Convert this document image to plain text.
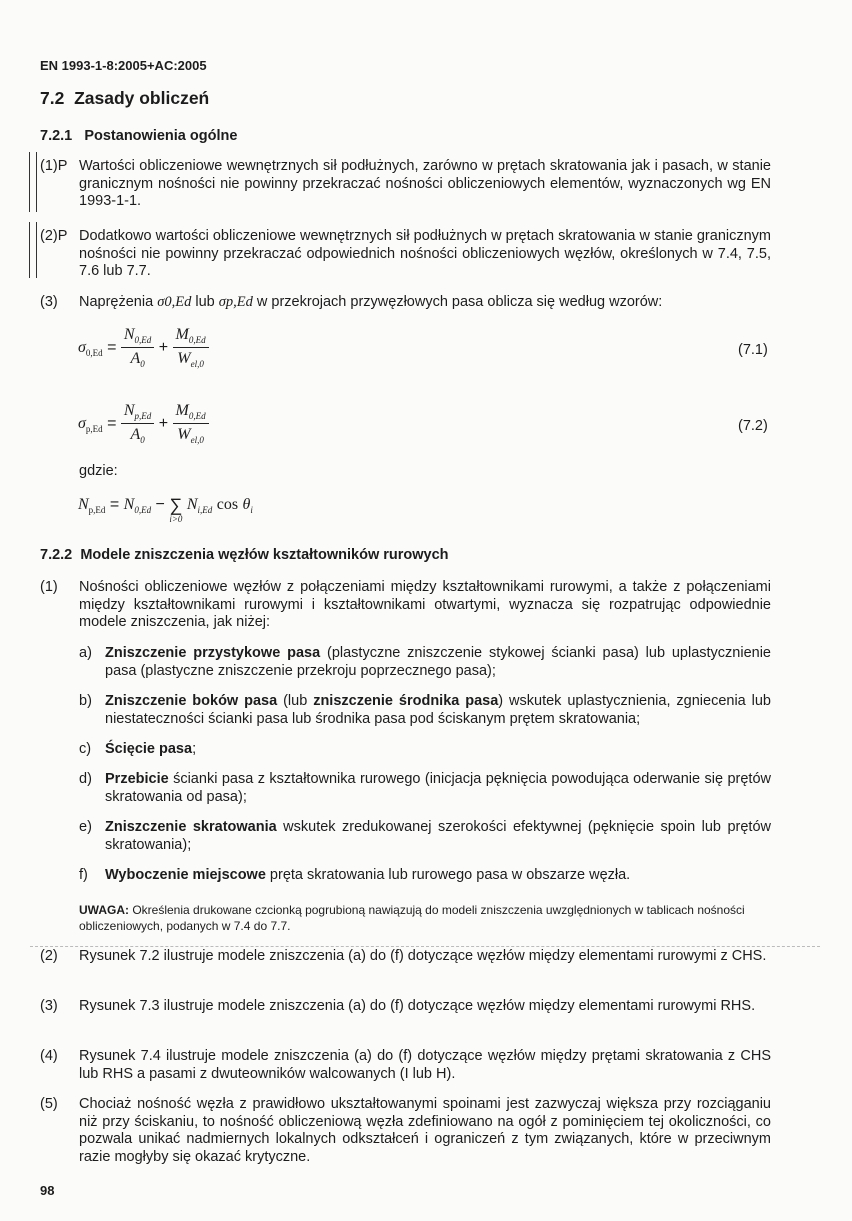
EN 1993-1-8:2005+AC:2005
7.2 Zasady obliczeń
7.2.1 Postanowienia ogólne
(1)P Wartości obliczeniowe wewnętrznych sił podłużnych, zarówno w prętach skratowania jak i pasach, w stanie granicznym nośności nie powinny przekraczać nośności obliczeniowych elementów, wyznaczonych wg EN 1993-1-1.
(2)P Dodatkowo wartości obliczeniowe wewnętrznych sił podłużnych w prętach skratowania w stanie granicznym nośności nie powinny przekraczać odpowiednich nośności obliczeniowych węzłów, określonych w 7.4, 7.5, 7.6 lub 7.7.
(3) Naprężenia σ0,Ed lub σp,Ed w przekrojach przywęzłowych pasa oblicza się według wzorów:
$\sigma_{0,Ed} = \frac{N_{0,Ed}}{A_0} + \frac{M_{0,Ed}}{W_{el,0}}$	(7.1)
$\sigma_{p,Ed} = \frac{N_{p,Ed}}{A_0} + \frac{M_{0,Ed}}{W_{el,0}}$	(7.2)
gdzie:
$N_{p,Ed} = N_{0,Ed}$ − ∑
i>0
$N_{i,Ed}$ $\cos \theta_i$
7.2.2 Modele zniszczenia węzłów kształtowników rurowych
(1) Nośności obliczeniowe węzłów z połączeniami między kształtownikami rurowymi, a także z połączeniami między kształtownikami rurowymi i kształtownikami otwartymi, wyznacza się rozpatrując odpowiednie modele zniszczenia, jak niżej:
a) Zniszczenie przystykowe pasa (plastyczne zniszczenie stykowej ścianki pasa) lub uplastycznienie pasa (plastyczne zniszczenie przekroju poprzecznego pasa);
b) Zniszczenie boków pasa (lub zniszczenie środnika pasa) wskutek uplastycznienia, zgniecenia lub niestateczności ścianki pasa lub środnika pasa pod ściskanym prętem skratowania;
c) Ścięcie pasa;
d) Przebicie ścianki pasa z kształtownika rurowego (inicjacja pęknięcia powodująca oderwanie się prętów skratowania od pasa);
e) Zniszczenie skratowania wskutek zredukowanej szerokości efektywnej (pęknięcie spoin lub prętów skratowania);
f) Wyboczenie miejscowe pręta skratowania lub rurowego pasa w obszarze węzła.
UWAGA: Określenia drukowane czcionką pogrubioną nawiązują do modeli zniszczenia uwzględnionych w tablicach nośności obliczeniowych, podanych w 7.4 do 7.7.
(2) Rysunek 7.2 ilustruje modele zniszczenia (a) do (f) dotyczące węzłów między elementami rurowymi z CHS.
(3) Rysunek 7.3 ilustruje modele zniszczenia (a) do (f) dotyczące węzłów między elementami rurowymi RHS.
(4) Rysunek 7.4 ilustruje modele zniszczenia (a) do (f) dotyczące węzłów między prętami skratowania z CHS lub RHS a pasami z dwuteowników walcowanych (I lub H).
(5) Chociaż nośność węzła z prawidłowo ukształtowanymi spoinami jest zazwyczaj większa przy rozciąganiu niż przy ściskaniu, to nośność obliczeniową węzła zdefiniowano na ogół z pominięciem tej okoliczności, co pozwala unikać nadmiernych lokalnych odkształceń i ograniczeń z tym związanych, które w przeciwnym razie mogłyby się okazać krytyczne.
98
